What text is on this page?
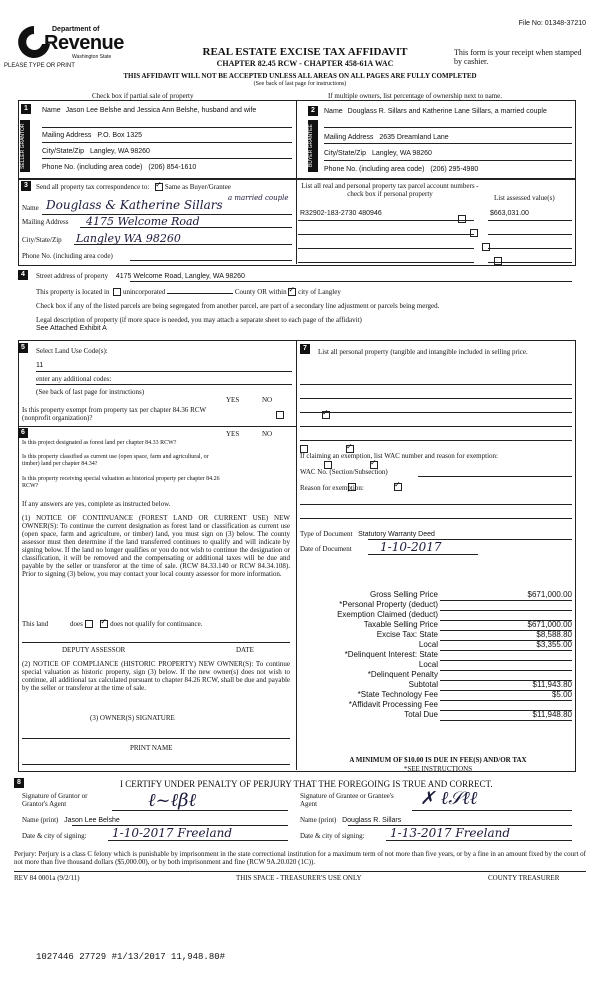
File No: 01348-37210
Department of
Revenue
Washington State
PLEASE TYPE OR PRINT
REAL ESTATE EXCISE TAX AFFIDAVIT
CHAPTER 82.45 RCW - CHAPTER 458-61A WAC
This form is your receipt when stamped by cashier.
THIS AFFIDAVIT WILL NOT BE ACCEPTED UNLESS ALL AREAS ON ALL PAGES ARE FULLY COMPLETED
(See back of last page for instructions)
Check box if partial sale of property	If multiple owners, list percentage of ownership next to name.
1
SELLER GRANTOR
Name Jason Lee Belshe and Jessica Ann Belshe, husband and wife
Mailing Address P.O. Box 1325
City/State/Zip Langley, WA 98260
Phone No. (including area code) (206) 854-1610
2
BUYER GRANTEE
Name Douglass R. Sillars and Katherine Lane Sillars, a married couple
Mailing Address 2635 Dreamland Lane
City/State/Zip Langley, WA 98260
Phone No. (including area code) (206) 295-4980
3	Send all property tax correspondence to: ✓ Same as Buyer/Grantee
Name Douglass & Katherine Sillars a married couple
Mailing Address 4175 Welcome Road
City/State/Zip Langley WA 98260
Phone No. (including area code)
List all real and personal property tax parcel account numbers - check box if personal property	List assessed value(s)
R32902-183-2730 480946	$663,031.00

4	Street address of property 4175 Welcome Road, Langley, WA 98260
This property is located in unincorporated	County OR within ✓ city of Langley
Check box if any of the listed parcels are being segregated from another parcel, are part of a secondary line adjustment or parcels being merged.
Legal description of property (if more space is needed, you may attach a separate sheet to each page of the affidavit)
See Attached Exhibit A
5	Select Land Use Code(s):
11
enter any additional codes:
(See back of last page for instructions)
YES	NO
Is this property exempt from property tax per chapter 84.36 RCW (nonprofit organization)?
✓
7	List all personal property (tangible and intangible included in selling price.
6	YES	NO
Is this project designated as forest land per chapter 84.33 RCW?
✓
Is this property classified as current use (open space, farm and agricultural, or timber) land per chapter 84.34?
✓
Is this property receiving special valuation as historical property per chapter 84.26 RCW?
✓
If any answers are yes, complete as instructed below.
(1) NOTICE OF CONTINUANCE (FOREST LAND OR CURRENT USE) NEW OWNER(S): To continue the current designation as forest land or classification as current use (open space, farm and agriculture, or timber) land, you must sign on (3) below. The county assessor must then determine if the land transferred continues to qualify and will indicate by signing below. If the land no longer qualifies or you do not wish to continue the designation or classification, it will be removed and the compensating or additional taxes will be due and payable by the seller or transferor at the time of sale. (RCW 84.33.140 or RCW 84.34.108). Prior to signing (3) below, you may contact your local county assessor for more information.
This land	does ✓	does not qualify for continuance.
DEPUTY ASSESSOR	DATE
(2) NOTICE OF COMPLIANCE (HISTORIC PROPERTY) NEW OWNER(S): To continue special valuation as historic property, sign (3) below. If the new owner(s) does not wish to continue, all additional tax calculated pursuant to chapter 84.26 RCW, shall be due and payable by the seller or transferor at the time of sale.
(3) OWNER(S) SIGNATURE
PRINT NAME
If claiming an exemption, list WAC number and reason for exemption:
WAC No. (Section/Subsection)
Reason for exemption:
Type of Document Statutory Warranty Deed
Date of Document 1-10-2017
Gross Selling Price	$671,000.00
*Personal Property (deduct)
Exemption Claimed (deduct)
Taxable Selling Price	$671,000.00
Excise Tax: State	$8,588.80
Local	$3,355.00
*Delinquent Interest: State
Local
*Delinquent Penalty
Subtotal	$11,943.80
*State Technology Fee	$5.00
*Affidavit Processing Fee
Total Due	$11,948.80
A MINIMUM OF $10.00 IS DUE IN FEE(S) AND/OR TAX
*SEE INSTRUCTIONS
8	I CERTIFY UNDER PENALTY OF PERJURY THAT THE FOREGOING IS TRUE AND CORRECT.
Signature of Grantor or Grantor's Agent	ℓ‌~ℓβℓ	Signature of Grantee or Grantee's Agent	✗ ℓ𝒮ℓℓ
Name (print) Jason Lee Belshe	Name (print) Douglass R. Sillars
Date & city of signing: 1-10-2017 Freeland	Date & city of signing: 1-13-2017 Freeland
Perjury: Perjury is a class C felony which is punishable by imprisonment in the state correctional institution for a maximum term of not more than five years, or by a fine in an amount fixed by the court of not more than five thousand dollars ($5,000.00), or by both imprisonment and fine (RCW 9A.20.020 (1C)).
REV 84 0001a (9/2/11)	THIS SPACE - TREASURER'S USE ONLY	COUNTY TREASURER
1027446 27729 #1/13/2017 11,948.80#
